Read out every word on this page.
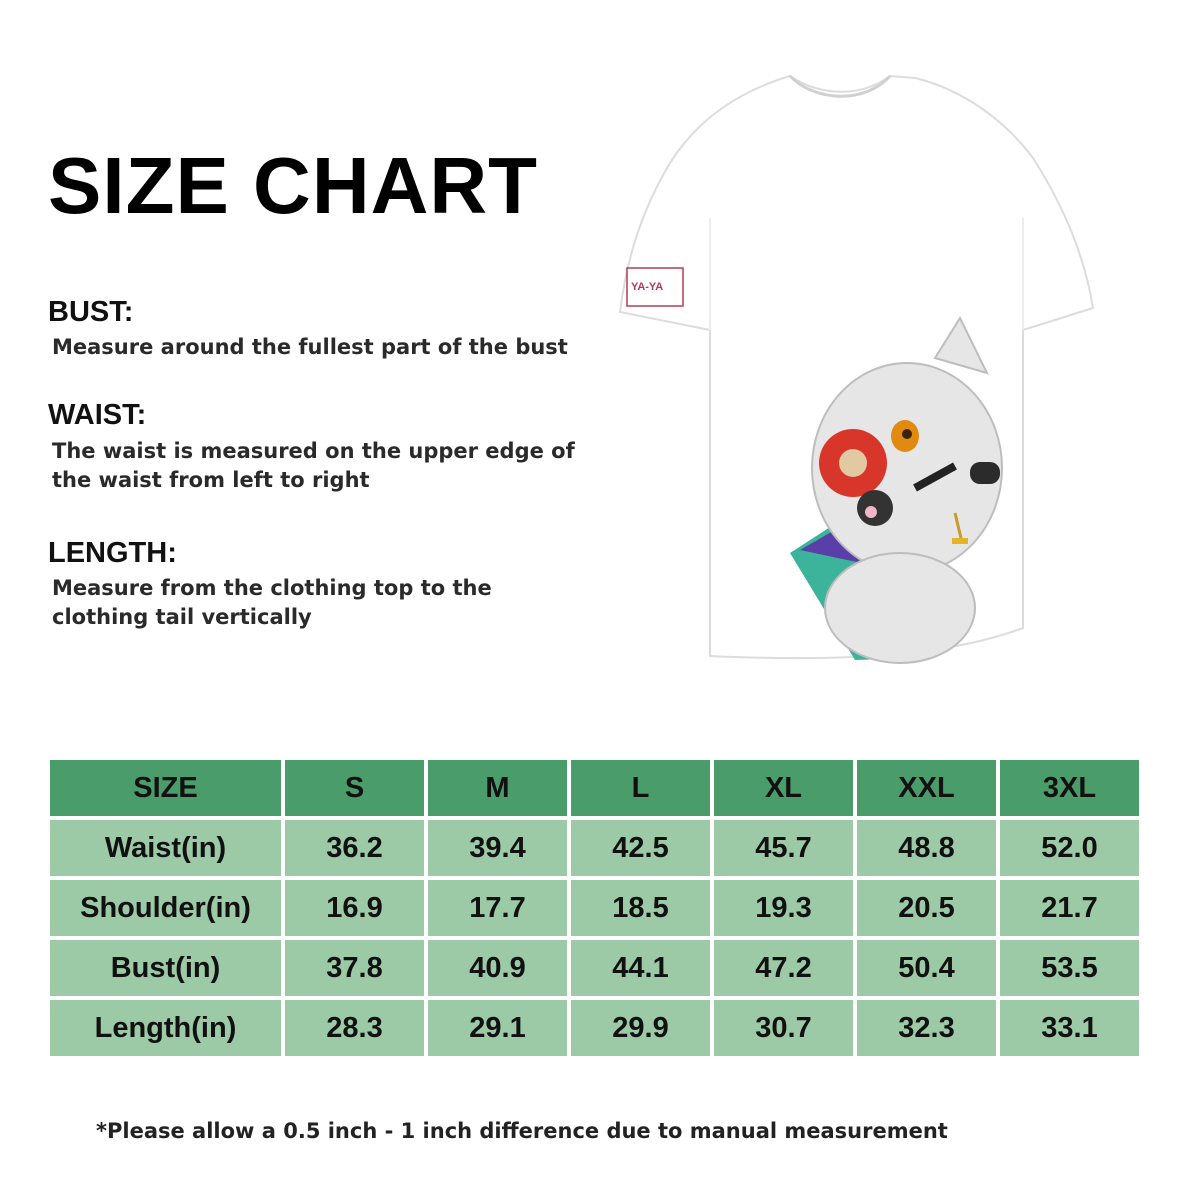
SIZE CHART
BUST:
Measure around the fullest part of the bust
WAIST:
The waist is measured on the upper edge of the waist from left to right
LENGTH:
Measure from the clothing top to the clothing tail vertically
YA-YA
SIZE	S	M	L	XL	XXL	3XL
Waist(in)	36.2	39.4	42.5	45.7	48.8	52.0
Shoulder(in)	16.9	17.7	18.5	19.3	20.5	21.7
Bust(in)	37.8	40.9	44.1	47.2	50.4	53.5
Length(in)	28.3	29.1	29.9	30.7	32.3	33.1
*Please allow a 0.5 inch - 1 inch difference due to manual measurement
